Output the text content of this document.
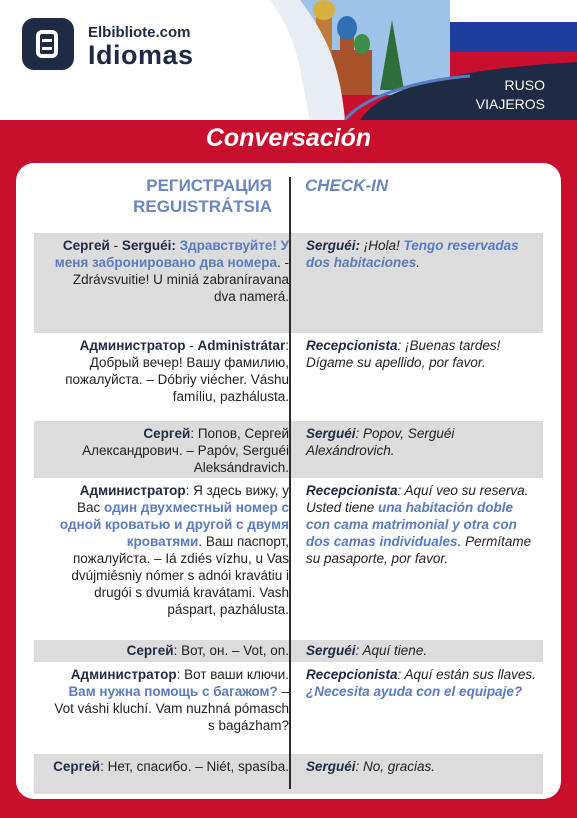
Elbibliote.com
Idiomas
RUSO
VIAJEROS
Conversación
РЕГИСТРАЦИЯ
REGUISTRÁTSIA
CHECK-IN
Сергей - Serguéi: Здравствуйте! У меня забронировано два номера. - Zdrávsvuitie! U miniá zabraníravana dva namerá.
Serguéi: ¡Hola! Tengo reservadas dos habitaciones.
Администратор - Administrátar: Добрый вечер! Вашу фамилию, пожалуйста. – Dóbriy viécher. Váshu famíliu, pazhálusta.
Recepcionista: ¡Buenas tardes! Dígame su apellido, por favor.
Сергей: Попов, Сергей Александрович. – Papóv, Serguéi Aleksándravich.
Serguéi: Popov, Serguéi Alexándrovich.
Администратор: Я здесь вижу, у Вас один двухместный номер с одной кроватью и другой с двумя кроватями. Ваш паспорт, пожалуйста. – Iá zdiés vízhu, u Vas dvújmiésniy nómer s adnói kravátiu i drugói s dvumiá kravátami. Vash páspart, pazhálusta.
Recepcionista: Aquí veo su reserva. Usted tiene una habitación doble con cama matrimonial y otra con dos camas individuales. Permítame su pasaporte, por favor.
Сергей: Вот, он. – Vot, on. Serguéi: Aquí tiene.
Администратор: Вот ваши ключи. Вам нужна помощь с багажом? – Vot váshi kluchí. Vam nuzhná pómasch s bagázham?
Recepcionista: Aquí están sus llaves. ¿Necesita ayuda con el equipaje?
Сергей: Нет, спасибо. – Niét, spasíba. Serguéi: No, gracias.
